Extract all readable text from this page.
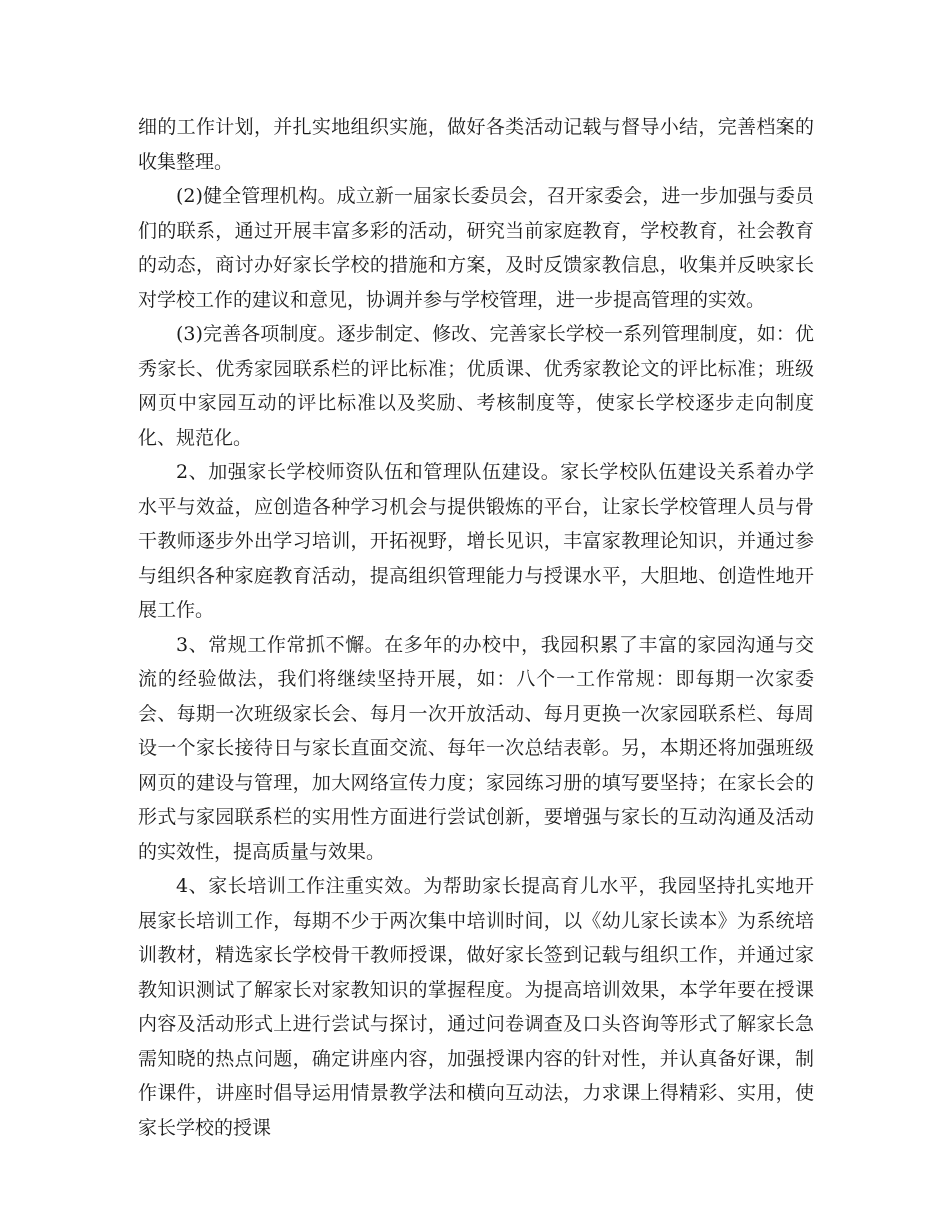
细的工作计划，并扎实地组织实施，做好各类活动记载与督导小结，完善档案的收集整理。

(2)健全管理机构。成立新一届家长委员会，召开家委会，进一步加强与委员们的联系，通过开展丰富多彩的活动，研究当前家庭教育，学校教育，社会教育的动态，商讨办好家长学校的措施和方案，及时反馈家教信息，收集并反映家长对学校工作的建议和意见，协调并参与学校管理，进一步提高管理的实效。

(3)完善各项制度。逐步制定、修改、完善家长学校一系列管理制度，如：优秀家长、优秀家园联系栏的评比标准；优质课、优秀家教论文的评比标准；班级网页中家园互动的评比标准以及奖励、考核制度等，使家长学校逐步走向制度化、规范化。

2、加强家长学校师资队伍和管理队伍建设。家长学校队伍建设关系着办学水平与效益，应创造各种学习机会与提供锻炼的平台，让家长学校管理人员与骨干教师逐步外出学习培训，开拓视野，增长见识，丰富家教理论知识，并通过参与组织各种家庭教育活动，提高组织管理能力与授课水平，大胆地、创造性地开展工作。

3、常规工作常抓不懈。在多年的办校中，我园积累了丰富的家园沟通与交流的经验做法，我们将继续坚持开展，如：八个一工作常规：即每期一次家委会、每期一次班级家长会、每月一次开放活动、每月更换一次家园联系栏、每周设一个家长接待日与家长直面交流、每年一次总结表彰。另，本期还将加强班级网页的建设与管理，加大网络宣传力度；家园练习册的填写要坚持；在家长会的形式与家园联系栏的实用性方面进行尝试创新，要增强与家长的互动沟通及活动的实效性，提高质量与效果。

4、家长培训工作注重实效。为帮助家长提高育儿水平，我园坚持扎实地开展家长培训工作，每期不少于两次集中培训时间，以《幼儿家长读本》为系统培训教材，精选家长学校骨干教师授课，做好家长签到记载与组织工作，并通过家教知识测试了解家长对家教知识的掌握程度。为提高培训效果，本学年要在授课内容及活动形式上进行尝试与探讨，通过问卷调查及口头咨询等形式了解家长急需知晓的热点问题，确定讲座内容，加强授课内容的针对性，并认真备好课，制作课件，讲座时倡导运用情景教学法和横向互动法，力求课上得精彩、实用，使家长学校的授课
